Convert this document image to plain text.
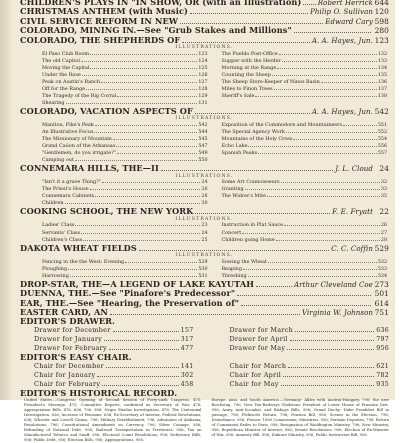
CHILDREN'S PLAYS IN "IN SHOW, OR (with an Illustration) Robert Herrick 644
CHRISTMAS ANTHEM (with Music)	Philip O. Sullivan 120
CIVIL SERVICE REFORM IN NEW	Edward Cary 598
COLORADO, MINING IN.—See "Grub Stakes and Millions"	280
COLORADO, THE SHEPHERDS OF	A. A. Hayes, Jun. 123
ILLUSTRATIONS.
El Paso Club Room	123
The old Capitol	124
Moving the Capital	125
Under the Rose	126
Peak on Austin's Ranch	127
Off for the Range	128
The Tragedy of the Big Corral	129
Shearing	131
The Pueblo Post-Office	132
Supper with the Herder	133
Morning at the Range	134
Counting the Sheep	135
The Sheep Store-Keeper of Ninos Basin	136
Miles to Pinon Trees	137
Sheriff's Sale	138
COLORADO, VACATION ASPECTS OF	A. A. Hayes, Jun. 542
ILLUSTRATIONS.
Manitou, Pike's Peak	542
An Illustrative Focus	544
The Missionary of Mountain	545
Grand Caiion of the Arkansas	547
"Gentlemen, do you irrigate?"	549
Camping out	550
Exposition of the Commodore and Mountaineers	551
The Special Agency Work	552
Mountains of the Holy Cross	554
Echo Lake	556
Spanish Peaks	557
CONNEMARA HILLS, THE—II	J. L. Cloud 24
ILLUSTRATIONS.
"Isn't it a grave Thing?"	24
The Priest's House	26
Connemara Cabinets	28
Children	30
Some Art Connoisseurs	32
Granting	33
The Widow's Mite	35
COOKING SCHOOL, THE NEW YORK	F. E. Fryatt 22
ILLUSTRATIONS.
Ladies' Class	23
Servants' Class	24
Children's Class	25
Instruction in Plat Sauce	26
Concert	27
Children going Home	28
DAKOTA WHEAT FIELDS	C. C. Coffin 529
ILLUSTRATIONS.
Fencing in the the West: Evening	529
Ploughing	530
Harrowing	531
Sowing the Wheat	532
Reaping	533
Threshing	534
DROP-STAR, THE—A LEGEND OF LAKE KAYUTAH	Arthur Cleveland Coe 273
DUENNA, THE.—See "Pinafore's Predecessor"	501
EAR, THE.—See "Hearing, the Preservation of"	614
EASTER CARD, AN	Virginia W. Johnson 751
EDITOR'S DRAWER.
Drawer for December	157
Drawer for January	317
Drawer for February	477
Drawer for March	636
Drawer for April	797
Drawer for May	956
EDITOR'S EASY CHAIR.
Chair for December	141
Chair for January	302
Chair for February	458
Chair for March	621
Chair for April	782
Chair for May	935
EDITOR'S HISTORICAL RECORD.

United States.—Congress: Opening of Second Session of Forty-sixth Congress, 475; President's Message, 475; Committee Reports; confirmed as Secretary of War, 476; Appropriation Bills, 476, 636, 796, 956; Negro Exodus Investigation, 476; The Centennial Investigation, 636; Increase of Pensions, 636; Ex-Secretary of Interior, Federal Resolutions, 636; Wheeler and Lowell Claims, 796; Military Establishment, 796; Admission of Alabama; Resolutions, 796; Constitutional Amendment on Currency, 796; Silver Coinage, 956; Refunding of National Debt, 956; Railroad Transportation in Territories, 956; Tax on Manufactured Tobacco and Snuff, 956; Electoral Count Resolutions, 956; Deficiency Bills, 956; Public Debt, 956; Election Bills, 956; Appropriations, 956.

Europe, Asia, and South America.—Germany: Allies with Austria-Hungary, 796; the new Reichstag, 796; New Ten-Railways Gladstone President of Lower House of Prussian Diet, 956; Army, Anti-Socialist, and Bishops Bills, 956; Grand Duchy: Duke Frankfort Bill in passage, 796; Plebiscite Return, 796; Pension Bill, 956; Scenes in the Election, 796; Disturbance, 956; France: 1880 Commission; Ministries, 956; Parisian Deputies, 796; Return of Communist Exiles to Paris, 956; Resignation of Waddington Ministry, 796; New Ministry, 956; Republican Minister of Interior, 956; Senate Resolutions, 956; Election of Ex-Minister of War, 956; Amnesty Bill, 956; Dufaure Ministry, 956; Public Instruction Bill, 956.
